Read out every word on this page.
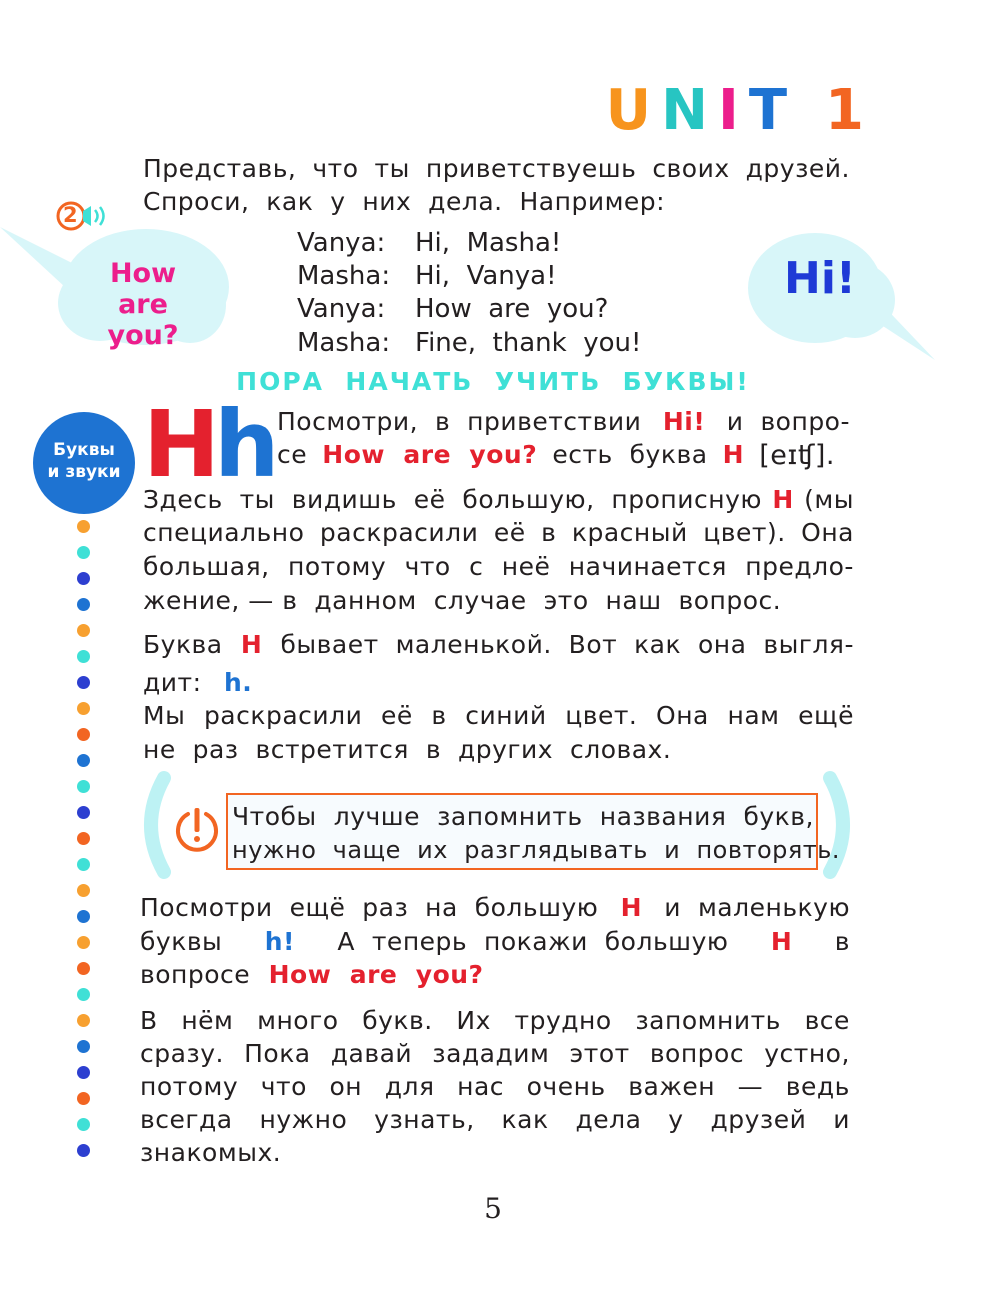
UNIT 1
Представь, что ты приветствуешь своих друзей.
Спроси,  как  у  них  дела.  Например:
2
How
are you?
Hi!
Vanya: Hi,  Masha!
Masha: Hi,  Vanya!
Vanya: How  are  you?
Masha: Fine,  thank  you!
ПОРА  НАЧАТЬ  УЧИТЬ  БУКВЫ!
Буквы
и звуки H
h
Посмотри,  в  приветствии Hi! и  вопро-
се How  are  you? есть  буква H [eɪʧ].
Здесь  ты  видишь  её  большую,  прописную H (мы
специально раскрасили её в красный цвет). Она
большая, потому что с неё начинается предло-
жение, — в  данном  случае  это  наш  вопрос.
Буква H бывает  маленькой.  Вот  как  она  выгля-
дит: h.
Мы раскрасили её в синий цвет. Она нам ещё
не  раз  встретится  в  других  словах.
Чтобы лучше запомнить названия букв,
нужно  чаще  их  разглядывать  и  повторять.
Посмотри  ещё  раз  на  большую H и  маленькую
буквы h! А  теперь  покажи  большую H в
вопросе How  are  you?
В нём много букв. Их трудно запомнить все
сразу. Пока давай зададим этот вопрос устно,
потому что он для нас очень важен — ведь
всегда нужно узнать, как дела у друзей и
знакомых.
5
